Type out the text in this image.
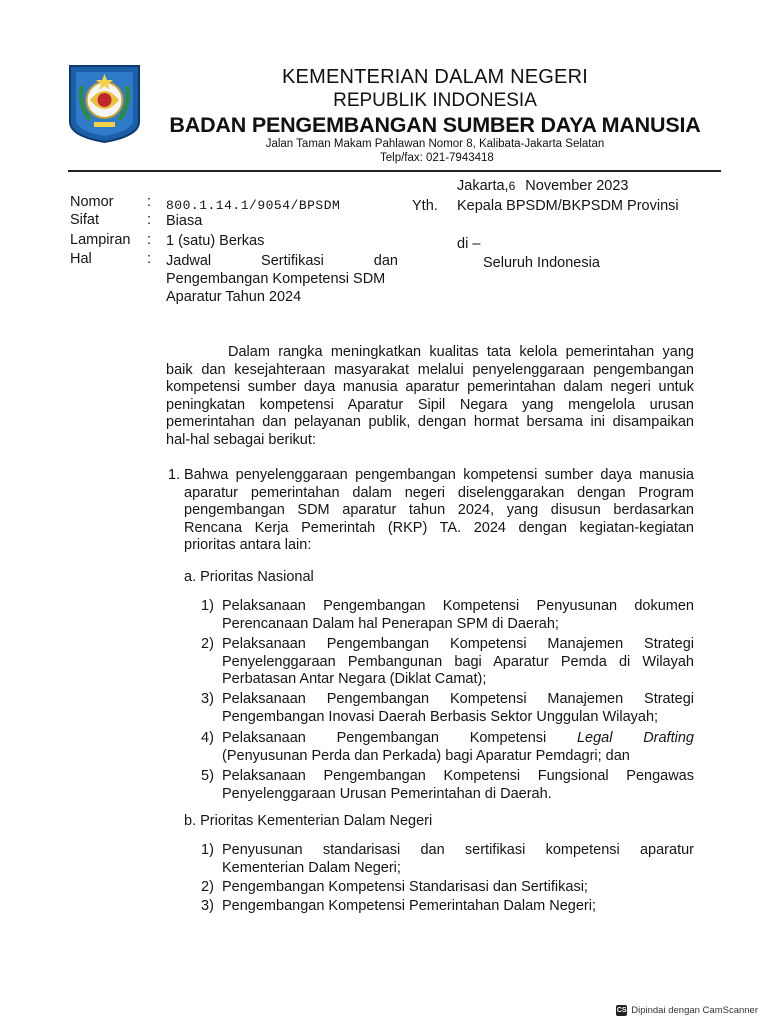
KEMENTERIAN DALAM NEGERI
REPUBLIK INDONESIA
BADAN PENGEMBANGAN SUMBER DAYA MANUSIA
Jalan Taman Makam Pahlawan Nomor 8, Kalibata-Jakarta Selatan
Telp/fax: 021-7943418
Nomor : 800.1.14.1/9054/BPSDM
Sifat	: Biasa
Lampiran : 1 (satu) Berkas
Hal	: Jadwal Sertifikasi dan
Pengembangan Kompetensi SDM
Aparatur Tahun 2024
Jakarta,6 November 2023
Yth. Kepala BPSDM/BKPSDM Provinsi
di –
Seluruh Indonesia
Dalam rangka meningkatkan kualitas tata kelola pemerintahan yang
baik dan kesejahteraan masyarakat melalui penyelenggaraan pengembangan
kompetensi sumber daya manusia aparatur pemerintahan dalam negeri untuk
peningkatan kompetensi Aparatur Sipil Negara yang mengelola urusan
pemerintahan dan pelayanan publik, dengan hormat bersama ini disampaikan
hal-hal sebagai berikut:
1. Bahwa penyelenggaraan pengembangan kompetensi sumber daya manusia
aparatur pemerintahan dalam negeri diselenggarakan dengan Program
pengembangan SDM aparatur tahun 2024, yang disusun berdasarkan
Rencana Kerja Pemerintah (RKP) TA. 2024 dengan kegiatan-kegiatan
prioritas antara lain:
a. Prioritas Nasional
1) Pelaksanaan Pengembangan Kompetensi Penyusunan dokumen
Perencanaan Dalam hal Penerapan SPM di Daerah;
2) Pelaksanaan Pengembangan Kompetensi Manajemen Strategi
Penyelenggaraan Pembangunan bagi Aparatur Pemda di Wilayah
Perbatasan Antar Negara (Diklat Camat);
3) Pelaksanaan Pengembangan Kompetensi Manajemen Strategi
Pengembangan Inovasi Daerah Berbasis Sektor Unggulan Wilayah;
4) Pelaksanaan Pengembangan Kompetensi Legal Drafting
(Penyusunan Perda dan Perkada) bagi Aparatur Pemdagri; dan
5) Pelaksanaan Pengembangan Kompetensi Fungsional Pengawas
Penyelenggaraan Urusan Pemerintahan di Daerah.
b. Prioritas Kementerian Dalam Negeri
1) Penyusunan standarisasi dan sertifikasi kompetensi aparatur
Kementerian Dalam Negeri;
2) Pengembangan Kompetensi Standarisasi dan Sertifikasi;
3) Pengembangan Kompetensi Pemerintahan Dalam Negeri;
CS Dipindai dengan CamScanner
